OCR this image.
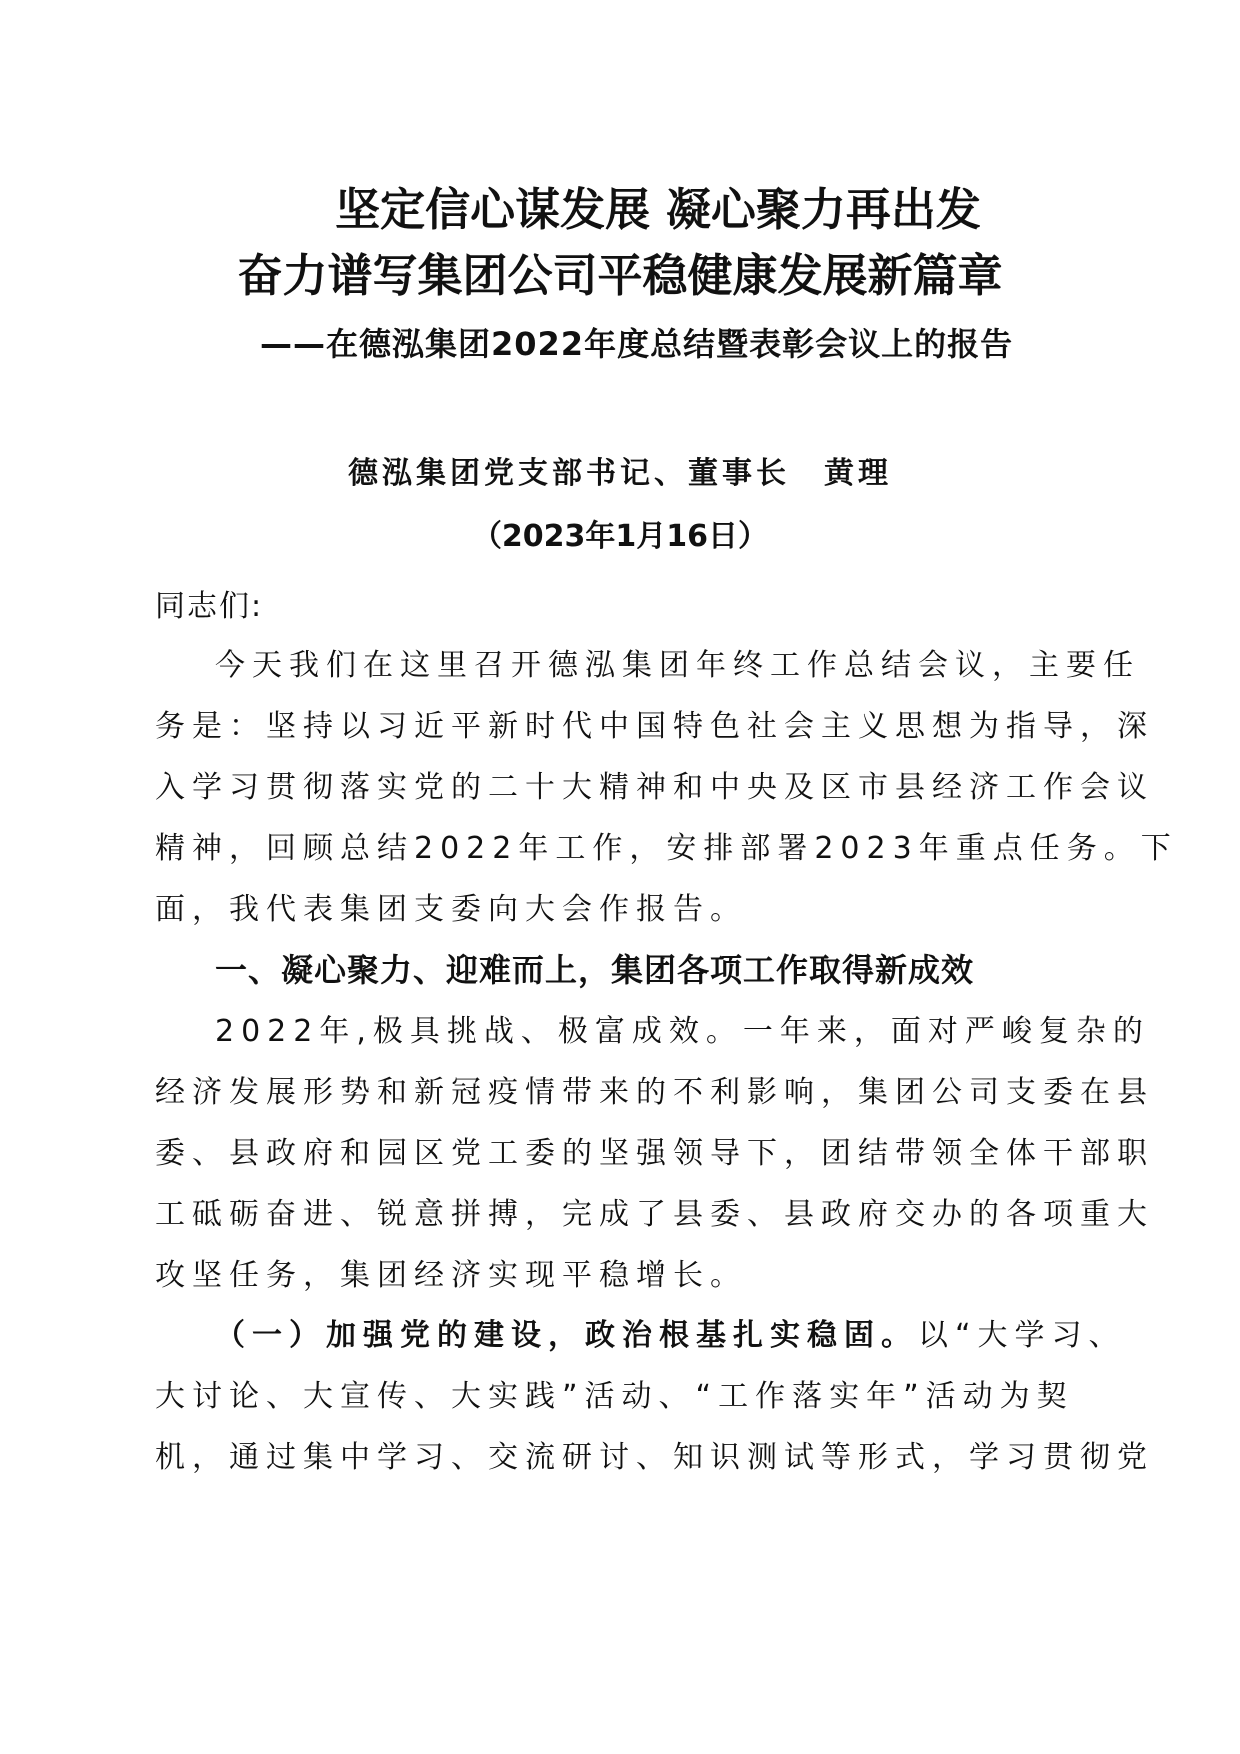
坚定信心谋发展 凝心聚力再出发
奋力谱写集团公司平稳健康发展新篇章
——在德泓集团2022年度总结暨表彰会议上的报告
德泓集团党支部书记、董事长　黄理
（2023年1月16日）
同志们:
今天我们在这里召开德泓集团年终工作总结会议，主要任
务是：坚持以习近平新时代中国特色社会主义思想为指导，深
入学习贯彻落实党的二十大精神和中央及区市县经济工作会议
精神，回顾总结2022年工作，安排部署2023年重点任务。下
面，我代表集团支委向大会作报告。
一、凝心聚力、迎难而上，集团各项工作取得新成效
2022年,极具挑战、极富成效。一年来，面对严峻复杂的
经济发展形势和新冠疫情带来的不利影响，集团公司支委在县
委、县政府和园区党工委的坚强领导下，团结带领全体干部职
工砥砺奋进、锐意拼搏，完成了县委、县政府交办的各项重大
攻坚任务，集团经济实现平稳增长。
（一）加强党的建设，政治根基扎实稳固。以“大学习、
大讨论、大宣传、大实践”活动、“工作落实年”活动为契
机，通过集中学习、交流研讨、知识测试等形式，学习贯彻党
